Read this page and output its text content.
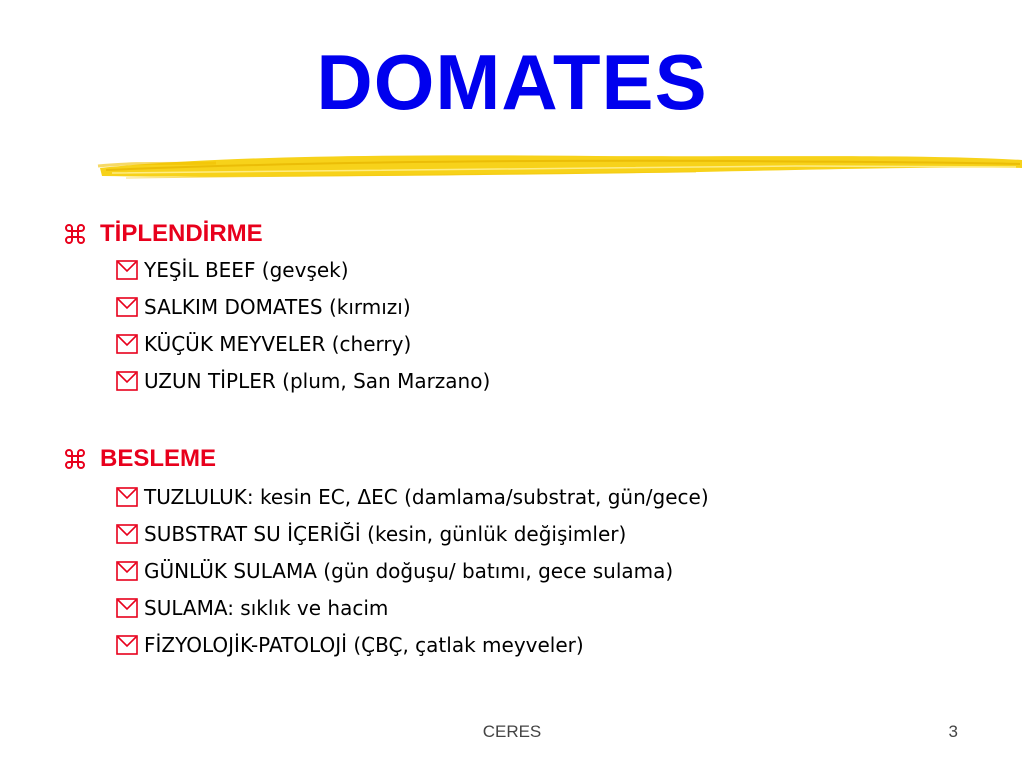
DOMATES
TİPLENDİRME
YEŞİL BEEF (gevşek)
SALKIM DOMATES (kırmızı)
KÜÇÜK MEYVELER (cherry)
UZUN TİPLER (plum, San Marzano)
BESLEME
TUZLULUK: kesin EC, ΔEC (damlama/substrat, gün/gece)
SUBSTRAT SU İÇERİĞİ (kesin, günlük değişimler)
GÜNLÜK SULAMA (gün doğuşu/ batımı, gece sulama)
SULAMA: sıklık ve hacim
FİZYOLOJİK-PATOLOJİ (ÇBÇ, çatlak meyveler)
CERES	3
